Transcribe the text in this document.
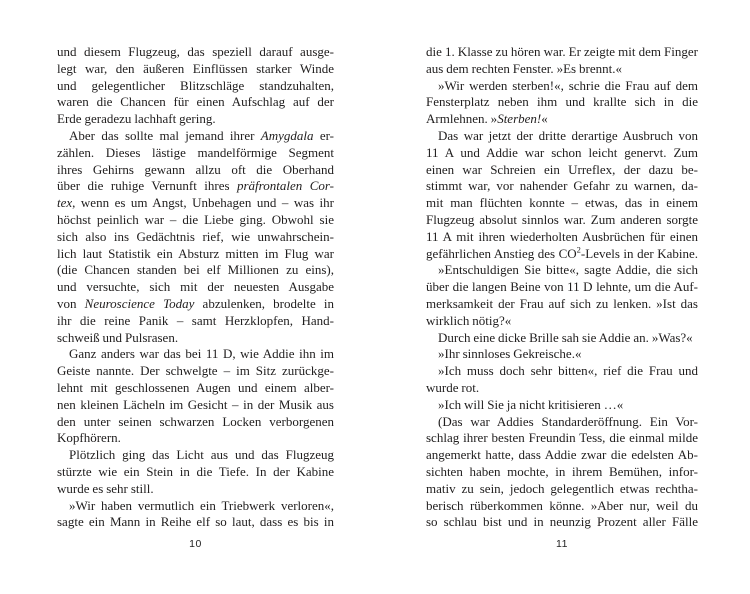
und diesem Flugzeug, das speziell darauf ausge-
legt war, den äußeren Einflüssen starker Winde
und gelegentlicher Blitzschläge standzuhalten,
waren die Chancen für einen Aufschlag auf der
Erde geradezu lachhaft gering.
Aber das sollte mal jemand ihrer Amygdala er-
zählen. Dieses lästige mandelförmige Segment
ihres Gehirns gewann allzu oft die Oberhand
über die ruhige Vernunft ihres präfrontalen Cor-
tex, wenn es um Angst, Unbehagen und – was ihr
höchst peinlich war – die Liebe ging. Obwohl sie
sich also ins Gedächtnis rief, wie unwahrschein-
lich laut Statistik ein Absturz mitten im Flug war
(die Chancen standen bei elf Millionen zu eins),
und versuchte, sich mit der neuesten Ausgabe
von Neuroscience Today abzulenken, brodelte in
ihr die reine Panik – samt Herzklopfen, Hand-
schweiß und Pulsrasen.
Ganz anders war das bei 11 D, wie Addie ihn im
Geiste nannte. Der schwelgte – im Sitz zurückge-
lehnt mit geschlossenen Augen und einem alber-
nen kleinen Lächeln im Gesicht – in der Musik aus
den unter seinen schwarzen Locken verborgenen
Kopfhörern.
Plötzlich ging das Licht aus und das Flugzeug
stürzte wie ein Stein in die Tiefe. In der Kabine
wurde es sehr still.
»Wir haben vermutlich ein Triebwerk verloren«,
sagte ein Mann in Reihe elf so laut, dass es bis in
die 1. Klasse zu hören war. Er zeigte mit dem Finger
aus dem rechten Fenster. »Es brennt.«
»Wir werden sterben!«, schrie die Frau auf dem
Fensterplatz neben ihm und krallte sich in die
Armlehnen. »Sterben!«
Das war jetzt der dritte derartige Ausbruch von
11 A und Addie war schon leicht genervt. Zum
einen war Schreien ein Urreflex, der dazu be-
stimmt war, vor nahender Gefahr zu warnen, da-
mit man flüchten konnte – etwas, das in einem
Flugzeug absolut sinnlos war. Zum anderen sorgte
11 A mit ihren wiederholten Ausbrüchen für einen
gefährlichen Anstieg des $CO^2$-Levels in der Kabine.
»Entschuldigen Sie bitte«, sagte Addie, die sich
über die langen Beine von 11 D lehnte, um die Auf-
merksamkeit der Frau auf sich zu lenken. »Ist das
wirklich nötig?«
Durch eine dicke Brille sah sie Addie an. »Was?«
»Ihr sinnloses Gekreische.«
»Ich muss doch sehr bitten«, rief die Frau und
wurde rot.
»Ich will Sie ja nicht kritisieren …«
(Das war Addies Standarderöffnung. Ein Vor-
schlag ihrer besten Freundin Tess, die einmal milde
angemerkt hatte, dass Addie zwar die edelsten Ab-
sichten haben mochte, in ihrem Bemühen, infor-
mativ zu sein, jedoch gelegentlich etwas rechtha-
berisch rüberkommen könne. »Aber nur, weil du
so schlau bist und in neunzig Prozent aller Fälle
10	11
